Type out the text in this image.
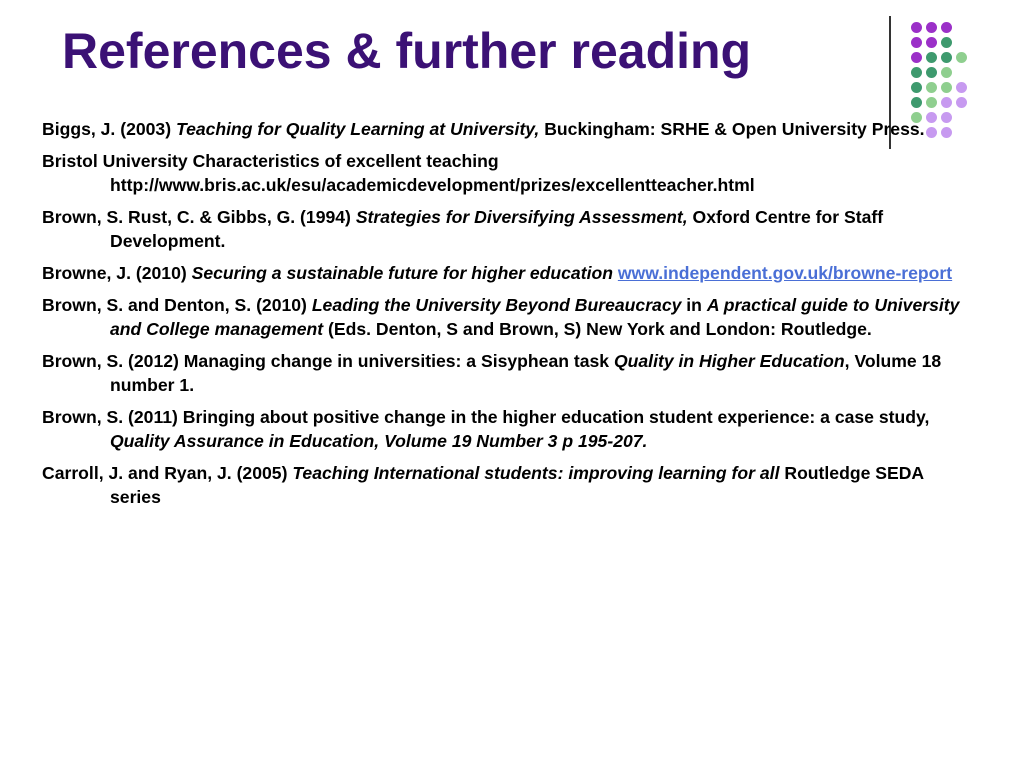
References & further reading
Biggs, J. (2003) Teaching for Quality Learning at University, Buckingham: SRHE & Open University Press.
Bristol University Characteristics of excellent teaching http://www.bris.ac.uk/esu/academicdevelopment/prizes/excellentteacher.html
Brown, S. Rust, C. & Gibbs, G. (1994) Strategies for Diversifying Assessment, Oxford Centre for Staff Development.
Browne, J. (2010) Securing a sustainable future for higher education www.independent.gov.uk/browne-report
Brown, S. and Denton, S. (2010) Leading the University Beyond Bureaucracy in A practical guide to University and College management (Eds. Denton, S and Brown, S) New York and London: Routledge.
Brown, S. (2012) Managing change in universities: a Sisyphean task Quality in Higher Education, Volume 18 number 1.
Brown, S. (2011) Bringing about positive change in the higher education student experience: a case study, Quality Assurance in Education, Volume 19 Number 3 p 195-207.
Carroll, J. and Ryan, J. (2005) Teaching International students: improving learning for all Routledge SEDA series
